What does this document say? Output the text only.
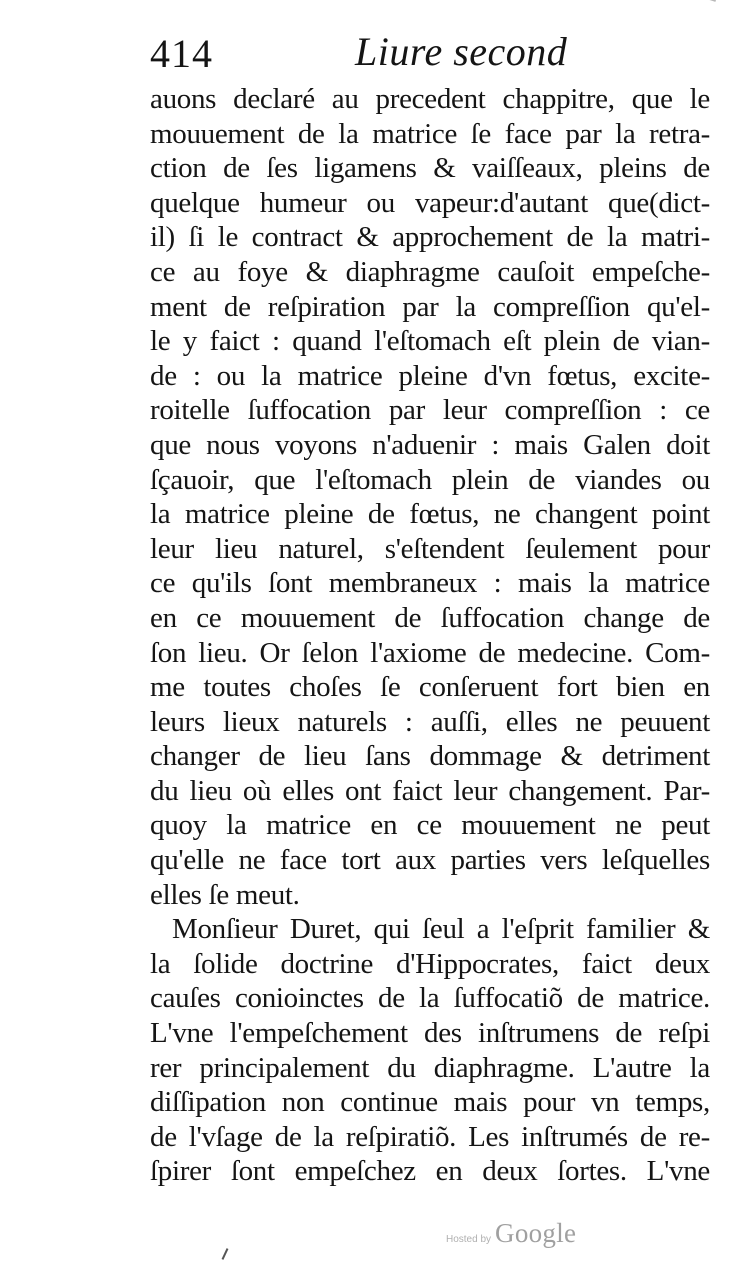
414	Liure second
auons declaré au precedent chappitre, que le
mouuement de la matrice ſe face par la retra-
ction de ſes ligamens & vaiſſeaux, pleins de
quelque humeur ou vapeur:d'autant que(dict-
il) ſi le contract & approchement de la matri-
ce au foye & diaphragme cauſoit empeſche-
ment de reſpiration par la compreſſion qu'el-
le y faict : quand l'eſtomach eſt plein de vian-
de : ou la matrice pleine d'vn fœtus, excite-
roitelle ſuffocation par leur compreſſion : ce
que nous voyons n'aduenir : mais Galen doit
ſçauoir, que l'eſtomach plein de viandes ou
la matrice pleine de fœtus, ne changent point
leur lieu naturel, s'eſtendent ſeulement pour
ce qu'ils ſont membraneux : mais la matrice
en ce mouuement de ſuffocation change de
ſon lieu. Or ſelon l'axiome de medecine. Com-
me toutes choſes ſe conſeruent fort bien en
leurs lieux naturels : auſſi, elles ne peuuent
changer de lieu ſans dommage & detriment
du lieu où elles ont faict leur changement. Par-
quoy la matrice en ce mouuement ne peut
qu'elle ne face tort aux parties vers leſquelles
elles ſe meut.
Monſieur Duret, qui ſeul a l'eſprit familier &
la ſolide doctrine d'Hippocrates, faict deux
cauſes conioinctes de la ſuffocatiõ de matrice.
L'vne l'empeſchement des inſtrumens de reſpi
rer principalement du diaphragme. L'autre la
diſſipation non continue mais pour vn temps,
de l'vſage de la reſpiratiõ. Les inſtrumés de re-
ſpirer ſont empeſchez en deux ſortes. L'vne
Hosted by Google
